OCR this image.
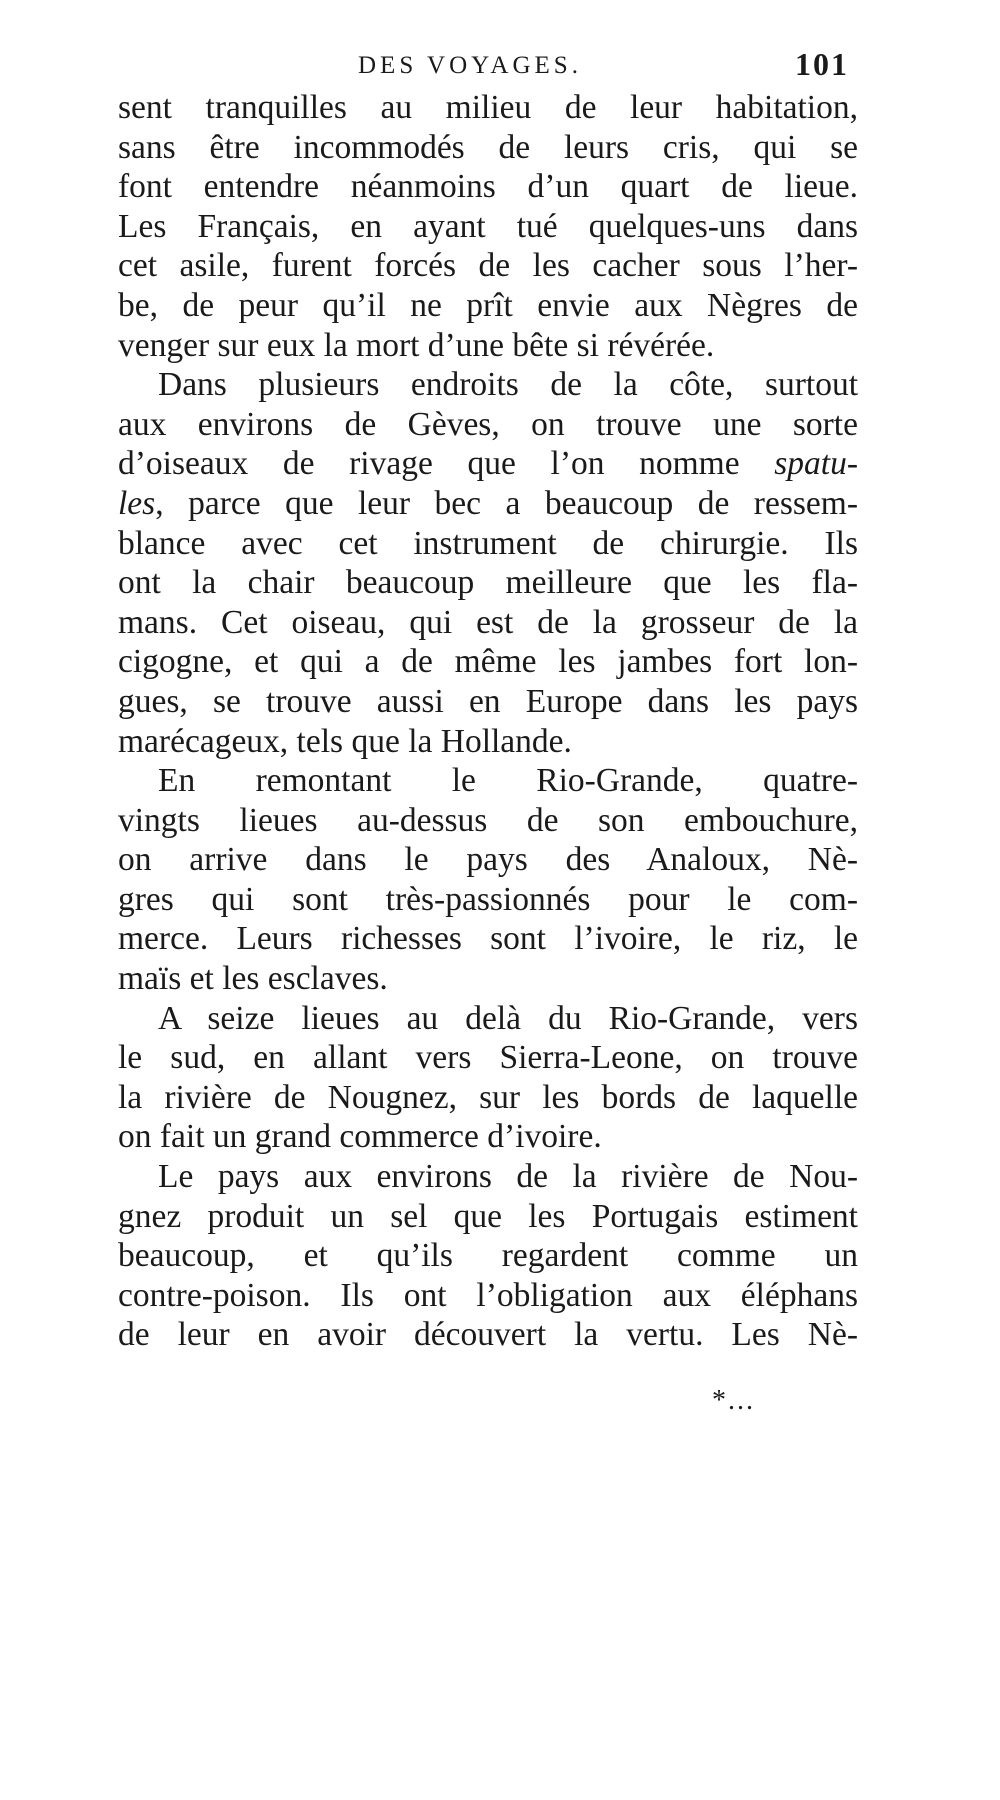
DES VOYAGES.	101
sent tranquilles au milieu de leur habitation,
sans être incommodés de leurs cris, qui se
font entendre néanmoins d’un quart de lieue.
Les Français, en ayant tué quelques-uns dans
cet asile, furent forcés de les cacher sous l’her-
be, de peur qu’il ne prît envie aux Nègres de
venger sur eux la mort d’une bête si révérée.
Dans plusieurs endroits de la côte, surtout
aux environs de Gèves, on trouve une sorte
d’oiseaux de rivage que l’on nomme spatu-
les, parce que leur bec a beaucoup de ressem-
blance avec cet instrument de chirurgie. Ils
ont la chair beaucoup meilleure que les fla-
mans. Cet oiseau, qui est de la grosseur de la
cigogne, et qui a de même les jambes fort lon-
gues, se trouve aussi en Europe dans les pays
marécageux, tels que la Hollande.
En remontant le Rio-Grande, quatre-
vingts lieues au-dessus de son embouchure,
on arrive dans le pays des Analoux, Nè-
gres qui sont très-passionnés pour le com-
merce. Leurs richesses sont l’ivoire, le riz, le
maïs et les esclaves.
A seize lieues au delà du Rio-Grande, vers
le sud, en allant vers Sierra-Leone, on trouve
la rivière de Nougnez, sur les bords de laquelle
on fait un grand commerce d’ivoire.
Le pays aux environs de la rivière de Nou-
gnez produit un sel que les Portugais estiment
beaucoup, et qu’ils regardent comme un
contre-poison. Ils ont l’obligation aux éléphans
de leur en avoir découvert la vertu. Les Nè-
*...
